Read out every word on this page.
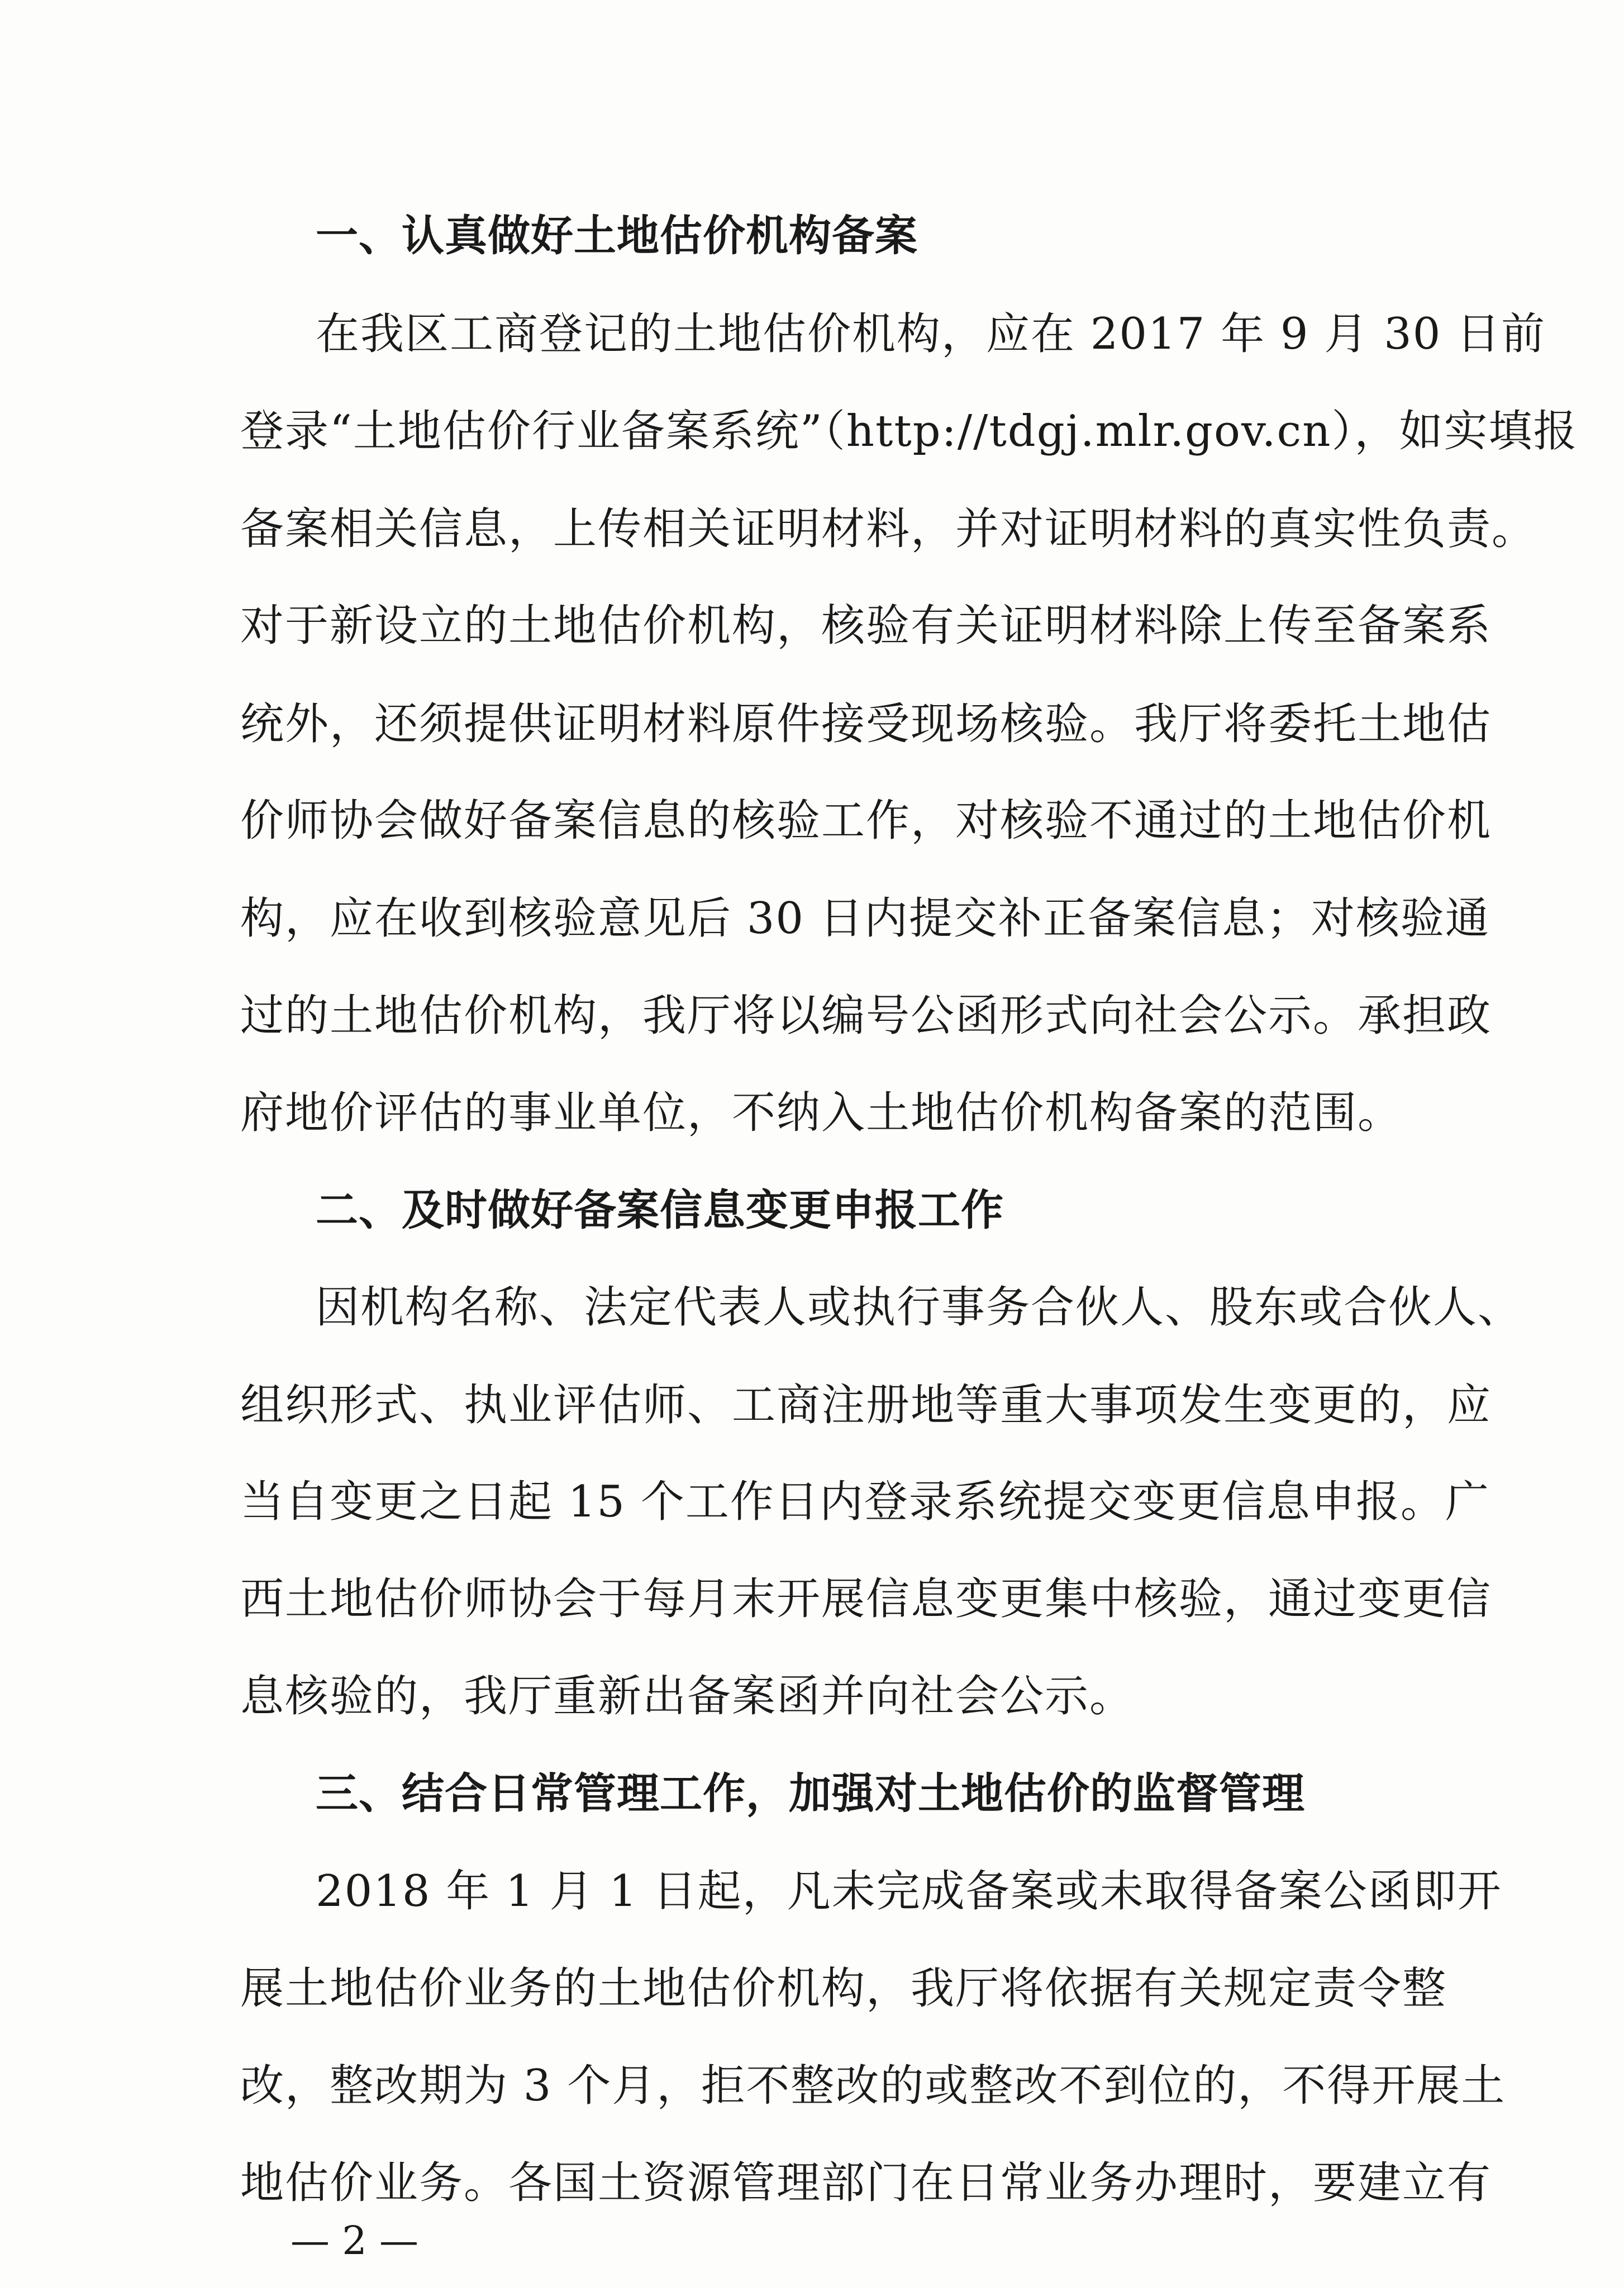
一、认真做好土地估价机构备案
在我区工商登记的土地估价机构，应在 2017 年 9 月 30 日前
登录“土地估价行业备案系统”（http://tdgj.mlr.gov.cn），如实填报
备案相关信息，上传相关证明材料，并对证明材料的真实性负责。
对于新设立的土地估价机构，核验有关证明材料除上传至备案系
统外，还须提供证明材料原件接受现场核验。我厅将委托土地估
价师协会做好备案信息的核验工作，对核验不通过的土地估价机
构，应在收到核验意见后 30 日内提交补正备案信息；对核验通
过的土地估价机构，我厅将以编号公函形式向社会公示。承担政
府地价评估的事业单位，不纳入土地估价机构备案的范围。
二、及时做好备案信息变更申报工作
因机构名称、法定代表人或执行事务合伙人、股东或合伙人、
组织形式、执业评估师、工商注册地等重大事项发生变更的，应
当自变更之日起 15 个工作日内登录系统提交变更信息申报。广
西土地估价师协会于每月末开展信息变更集中核验，通过变更信
息核验的，我厅重新出备案函并向社会公示。
三、结合日常管理工作，加强对土地估价的监督管理
2018 年 1 月 1 日起，凡未完成备案或未取得备案公函即开
展土地估价业务的土地估价机构，我厅将依据有关规定责令整
改，整改期为 3 个月，拒不整改的或整改不到位的，不得开展土
地估价业务。各国土资源管理部门在日常业务办理时，要建立有
— 2 —
